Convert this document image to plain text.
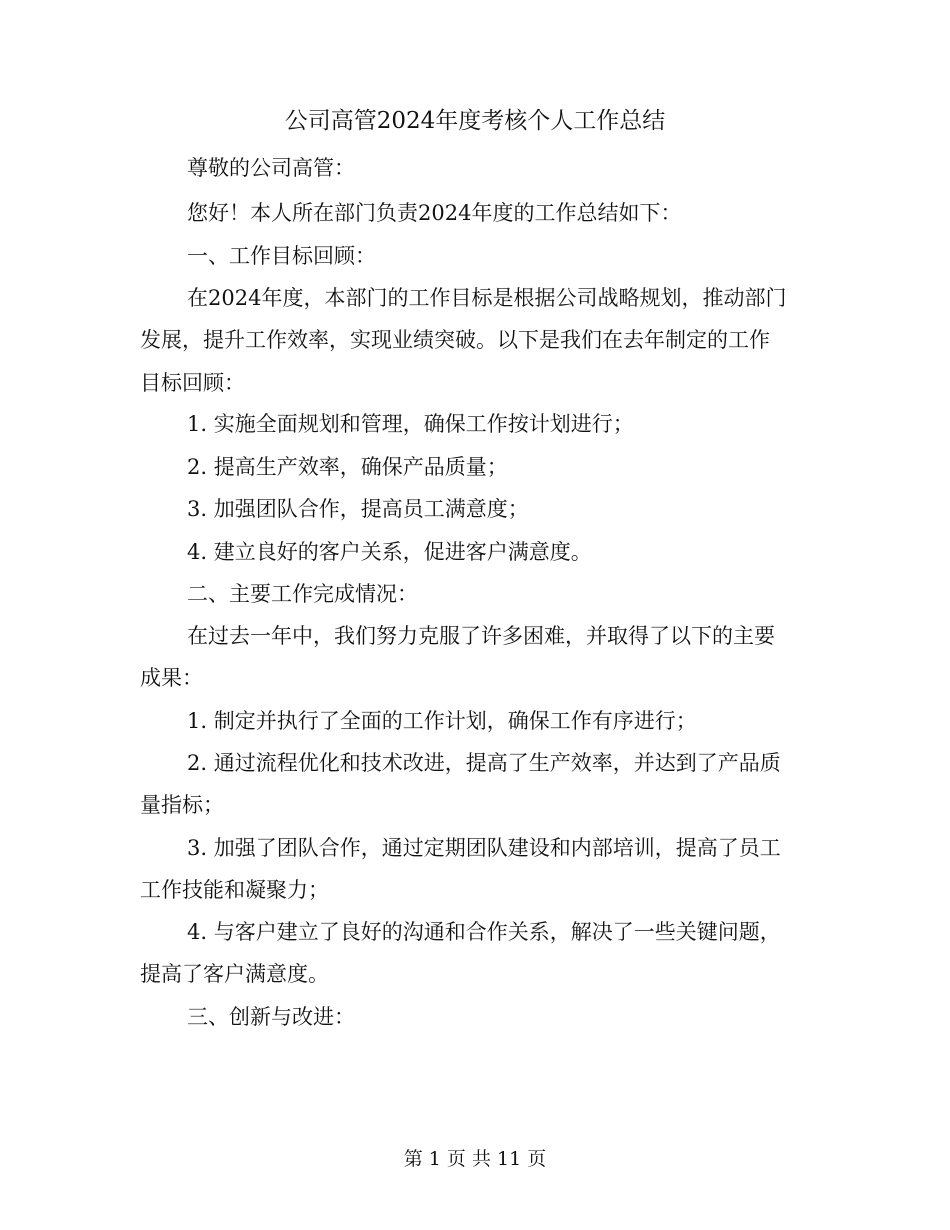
公司高管2024年度考核个人工作总结
尊敬的公司高管：
您好！本人所在部门负责2024年度的工作总结如下：
一、工作目标回顾：
在2024年度，本部门的工作目标是根据公司战略规划，推动部门
发展，提升工作效率，实现业绩突破。以下是我们在去年制定的工作
目标回顾：
1. 实施全面规划和管理，确保工作按计划进行；
2. 提高生产效率，确保产品质量；
3. 加强团队合作，提高员工满意度；
4. 建立良好的客户关系，促进客户满意度。
二、主要工作完成情况：
在过去一年中，我们努力克服了许多困难，并取得了以下的主要
成果：
1. 制定并执行了全面的工作计划，确保工作有序进行；
2. 通过流程优化和技术改进，提高了生产效率，并达到了产品质
量指标；
3. 加强了团队合作，通过定期团队建设和内部培训，提高了员工
工作技能和凝聚力；
4. 与客户建立了良好的沟通和合作关系，解决了一些关键问题，
提高了客户满意度。
三、创新与改进：
第 1 页 共 11 页
